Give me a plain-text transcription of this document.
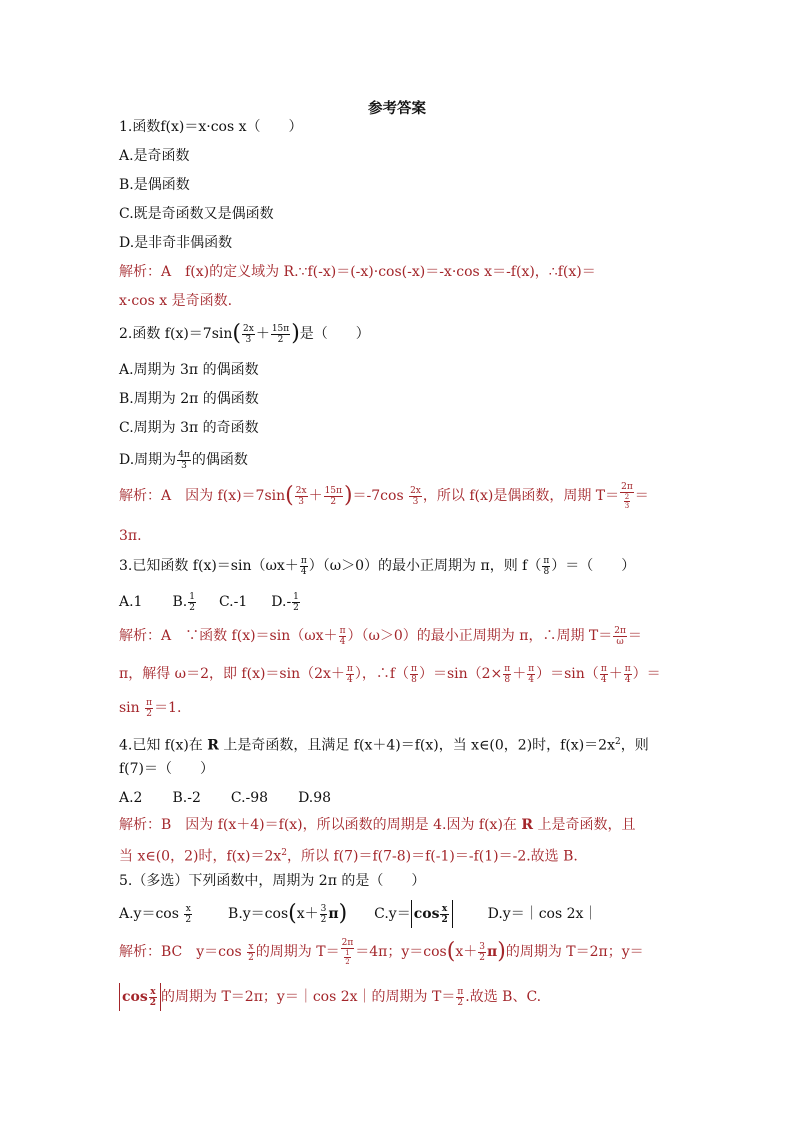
参考答案
1.函数f(x)＝x·cos x（　　）
A.是奇函数
B.是偶函数
C.既是奇函数又是偶函数
D.是非奇非偶函数
解析：A　f(x)的定义域为 R.∵f(-x)＝(-x)·cos(-x)＝-x·cos x＝-f(x)，∴f(x)＝
x·cos x 是奇函数.
2.函数 $f(x)=7\sin( \frac{2x}{3} + \frac{15\pi}{2}$ )是（　　）
A.周期为 3π 的偶函数
B.周期为 2π 的偶函数
C.周期为 3π 的奇函数
D.周期为 $\frac{4\pi}{3}$ 的偶函数
解析：A　因为 $f(x)=7\sin( \frac{2x}{3} + \frac{15\pi}{2} )=-7\cos \frac{2x}{3}$ ，所以 f(x)是偶函数，周期 $T= \frac{2\pi}{\frac{2}{3}}$ ＝
3π.
3.已知函数 $f(x)=\sin(\omega x+ \frac{\pi}{4} )(\omega>0)$的最小正周期为 π，则 $f( \frac{\pi}{8}$ ）＝（　　）
A.1 B. $\frac{1}{2} C.-1$ $D.- \frac{1}{2}$
解析：A　∵函数 $f(x)=\sin(\omega x+ \frac{\pi}{4} )(\omega>0)$的最小正周期为 π，∴周期 $T= \frac{2\pi}{\omega}$ ＝
π，解得 ω＝2，即 $f(x)=\sin(2x+ \frac{\pi}{4}$ ），∴f（ $\frac{\pi}{8} )=\sin(2\times \frac{\pi}{8} + \frac{\pi}{4} )=\sin( \frac{\pi}{4} + \frac{\pi}{4}$ ）＝
$\sin \frac{\pi}{2} =1$.
4.已知 f(x)在 R 上是奇函数，且满足 f(x＋4)＝f(x)，当 x∈(0，2)时，$f(x)=2x^2$，则
f(7)＝（　　）
A.2 B.-2 C.-98 D.98
解析：B　因为 f(x＋4)＝f(x)，所以函数的周期是 4.因为 f(x)在 R 上是奇函数，且
当 x∈(0，2)时，$f(x)=2x^2$，所以 f(7)＝f(7-8)＝f(-1)＝-f(1)＝-2.故选 B.
5.（多选）下列函数中，周期为 2π 的是（　　）
$A.y=\cos \frac{x}{2}$	$B.y=\cos(x+ \frac{3}{2} \pi)$ $C.y= \cos \frac{x}{2}$	D.y＝｜cos 2x｜
解析：BC　$y=\cos \frac{x}{2}$ 的周期为 $T= \frac{2\pi}{\frac{1}{2}} =4\pi$；$y=\cos(x+ \frac{3}{2} \pi)$的周期为 T＝2π；y＝
$\cos \frac{x}{2}$ 的周期为 T＝2π；y＝｜cos 2x｜的周期为 $T= \frac{\pi}{2}$ .故选 B、C.
